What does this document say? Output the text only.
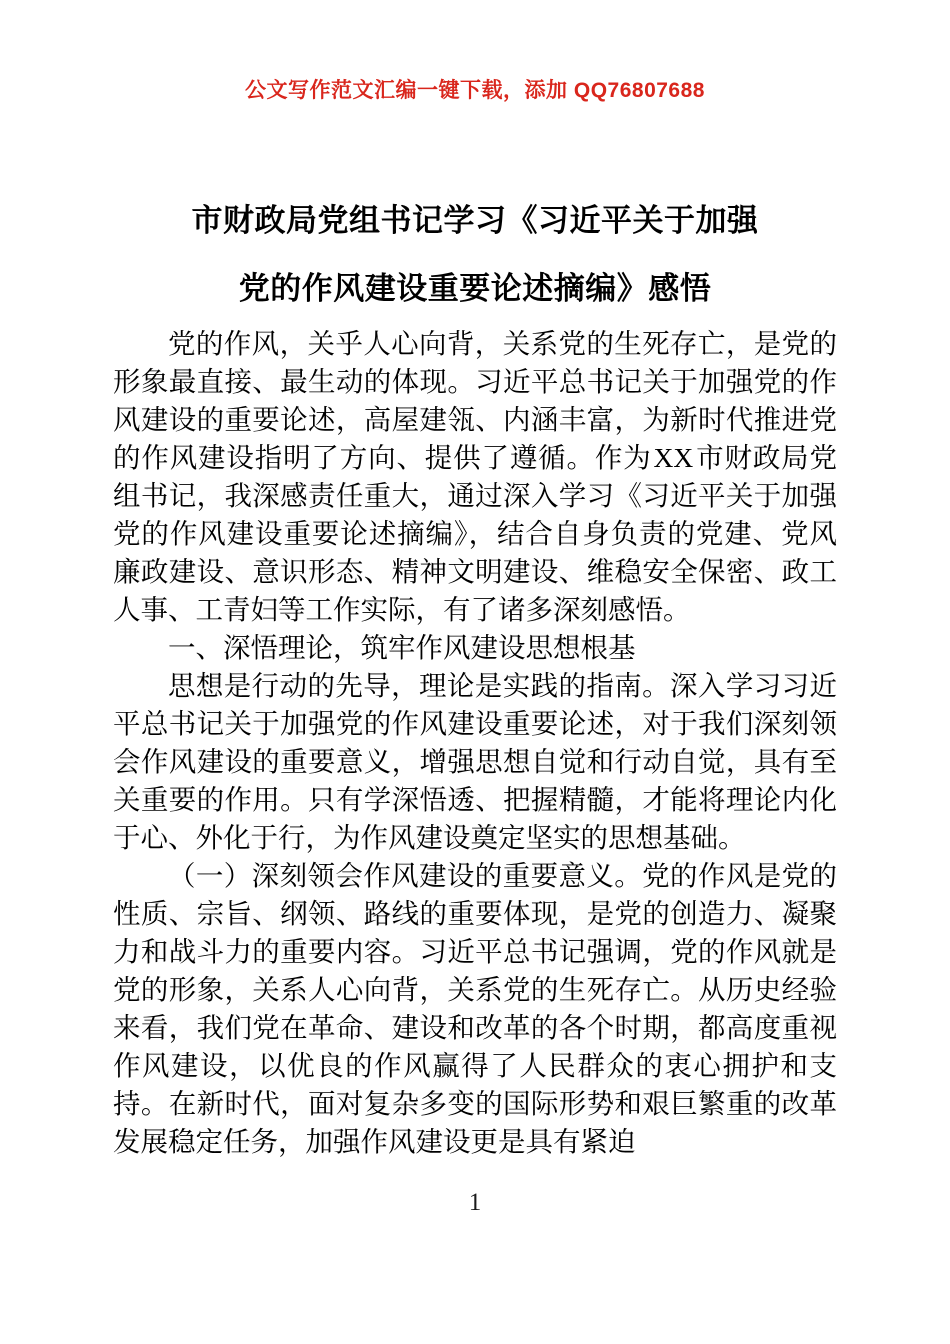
公文写作范文汇编一键下载，添加 QQ76807688
市财政局党组书记学习《习近平关于加强
党的作风建设重要论述摘编》感悟

党的作风，关乎人心向背，关系党的生死存亡，是党的形象最直接、最生动的体现。习近平总书记关于加强党的作风建设的重要论述，高屋建瓴、内涵丰富，为新时代推进党的作风建设指明了方向、提供了遵循。作为XX市财政局党组书记，我深感责任重大，通过深入学习《习近平关于加强党的作风建设重要论述摘编》，结合自身负责的党建、党风廉政建设、意识形态、精神文明建设、维稳安全保密、政工人事、工青妇等工作实际，有了诸多深刻感悟。

一、深悟理论，筑牢作风建设思想根基

思想是行动的先导，理论是实践的指南。深入学习习近平总书记关于加强党的作风建设重要论述，对于我们深刻领会作风建设的重要意义，增强思想自觉和行动自觉，具有至关重要的作用。只有学深悟透、把握精髓，才能将理论内化于心、外化于行，为作风建设奠定坚实的思想基础。

（一）深刻领会作风建设的重要意义。党的作风是党的性质、宗旨、纲领、路线的重要体现，是党的创造力、凝聚力和战斗力的重要内容。习近平总书记强调，党的作风就是党的形象，关系人心向背，关系党的生死存亡。从历史经验来看，我们党在革命、建设和改革的各个时期，都高度重视作风建设，以优良的作风赢得了人民群众的衷心拥护和支持。在新时代，面对复杂多变的国际形势和艰巨繁重的改革发展稳定任务，加强作风建设更是具有紧迫

1
